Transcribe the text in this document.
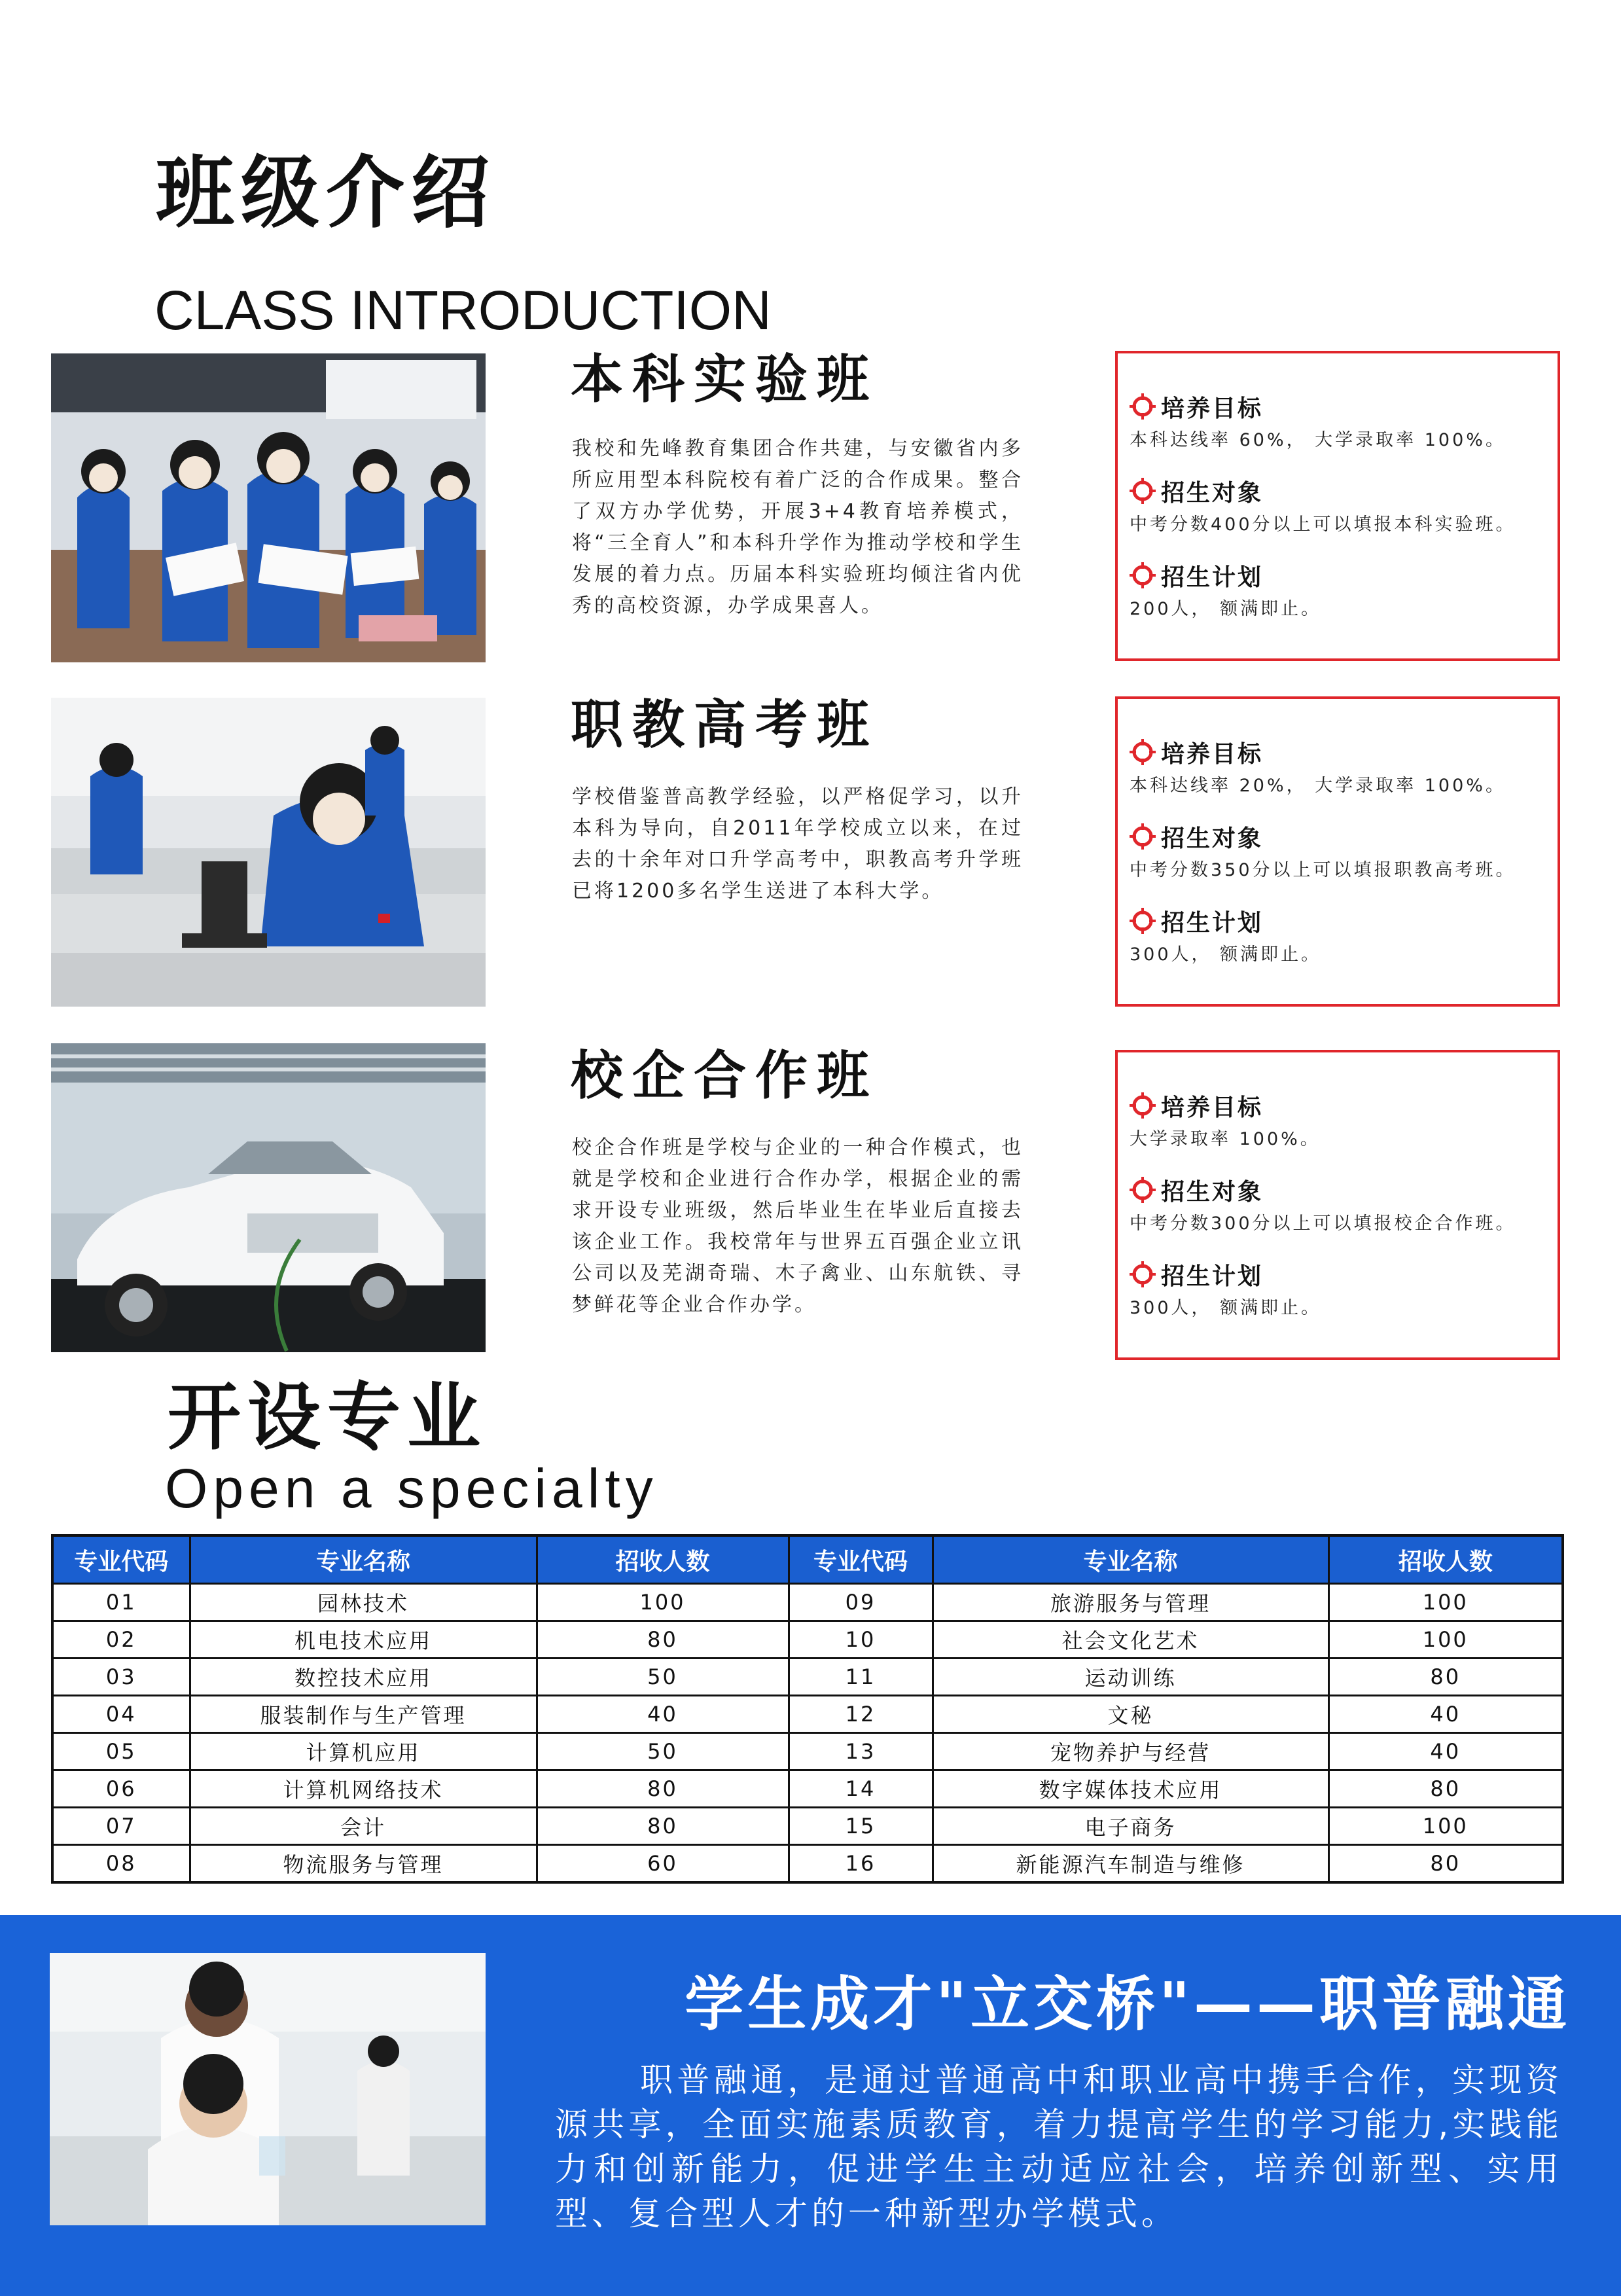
班级介绍
CLASS INTRODUCTION
本科实验班

我校和先峰教育集团合作共建，与安徽省内多所应用型本科院校有着广泛的合作成果。整合了双方办学优势，开展3+4教育培养模式，将“三全育人”和本科升学作为推动学校和学生发展的着力点。历届本科实验班均倾注省内优秀的高校资源，办学成果喜人。

培养目标
本科达线率 60%， 大学录取率 100%。
招生对象
中考分数400分以上可以填报本科实验班。
招生计划
200人， 额满即止。
职教高考班

学校借鉴普高教学经验，以严格促学习，以升本科为导向，自2011年学校成立以来，在过去的十余年对口升学高考中，职教高考升学班已将1200多名学生送进了本科大学。

培养目标
本科达线率 20%， 大学录取率 100%。
招生对象
中考分数350分以上可以填报职教高考班。
招生计划
300人， 额满即止。
校企合作班

校企合作班是学校与企业的一种合作模式，也就是学校和企业进行合作办学，根据企业的需求开设专业班级，然后毕业生在毕业后直接去该企业工作。我校常年与世界五百强企业立讯公司以及芜湖奇瑞、木子禽业、山东航铁、寻梦鲜花等企业合作办学。

培养目标
大学录取率 100%。
招生对象
中考分数300分以上可以填报校企合作班。
招生计划
300人， 额满即止。
开设专业
Open a specialty
专业代码	专业名称	招收人数	专业代码	专业名称	招收人数
01	园林技术	100	09	旅游服务与管理	100
02	机电技术应用	80	10	社会文化艺术	100
03	数控技术应用	50	11	运动训练	80
04	服装制作与生产管理	40	12	文秘	40
05	计算机应用	50	13	宠物养护与经营	40
06	计算机网络技术	80	14	数字媒体技术应用	80
07	会计	80	15	电子商务	100
08	物流服务与管理	60	16	新能源汽车制造与维修	80
学生成才"立交桥"——职普融通

职普融通，是通过普通高中和职业高中携手合作，实现资源共享，全面实施素质教育，着力提高学生的学习能力,实践能力和创新能力，促进学生主动适应社会，培养创新型、实用型、复合型人才的一种新型办学模式。
